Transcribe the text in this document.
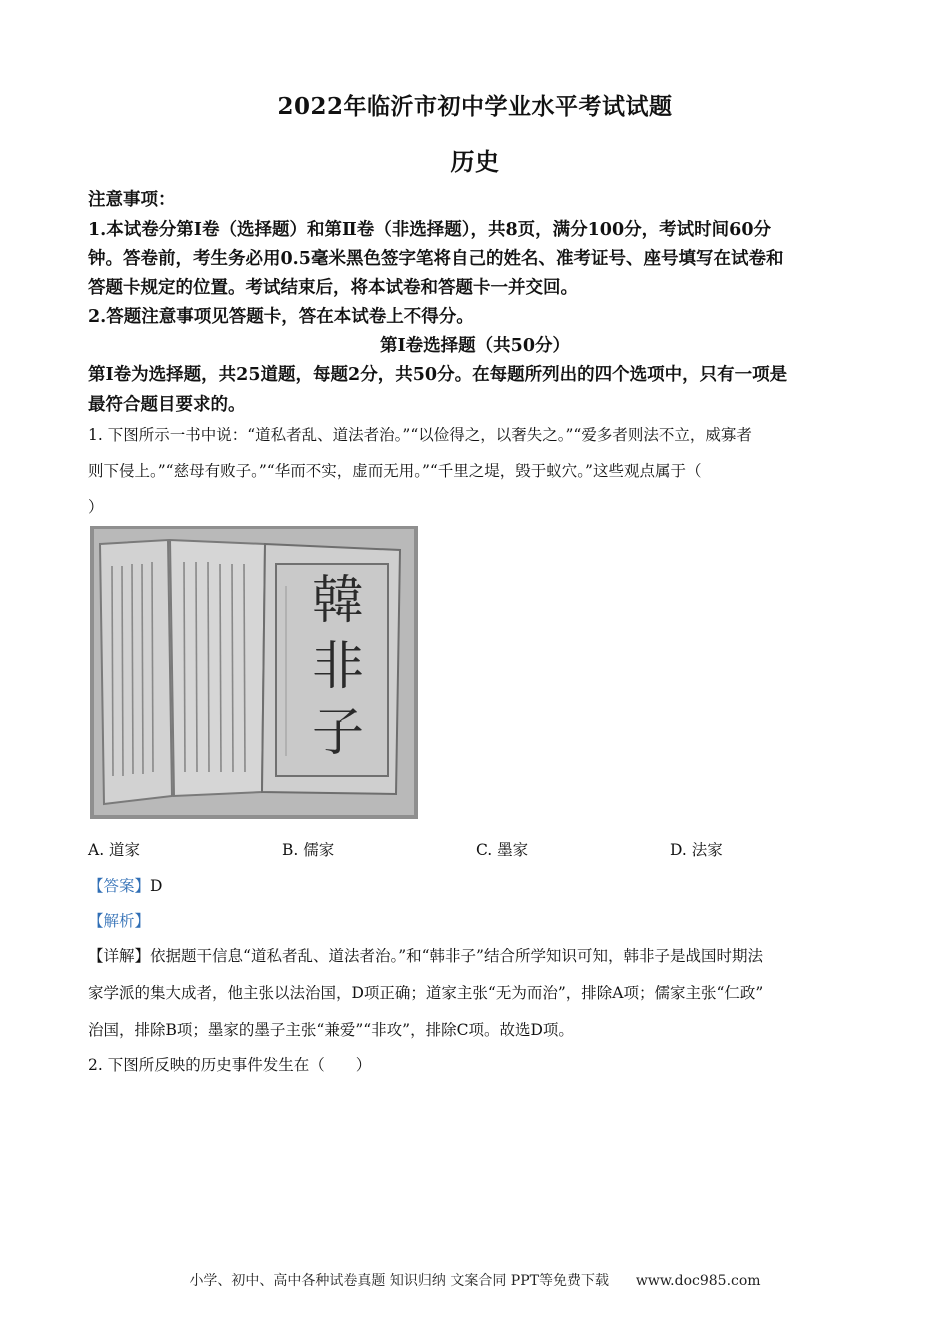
2022年临沂市初中学业水平考试试题
历史
注意事项：
1.本试卷分第Ⅰ卷（选择题）和第Ⅱ卷（非选择题），共8页，满分100分，考试时间60分
钟。答卷前，考生务必用0.5毫米黑色签字笔将自己的姓名、准考证号、座号填写在试卷和
答题卡规定的位置。考试结束后，将本试卷和答题卡一并交回。
2.答题注意事项见答题卡，答在本试卷上不得分。
第Ⅰ卷选择题（共50分）
第Ⅰ卷为选择题，共25道题，每题2分，共50分。在每题所列出的四个选项中，只有一项是
最符合题目要求的。
1. 下图所示一书中说：“道私者乱、道法者治。”“以俭得之，以奢失之。”“爱多者则法不立，威寡者
则下侵上。”“慈母有败子。”“华而不实，虚而无用。”“千里之堤，毁于蚁穴。”这些观点属于（
）
韓
非
子
A. 道家	B. 儒家	C. 墨家	D. 法家
【答案】D
【解析】
【详解】依据题干信息“道私者乱、道法者治。”和“韩非子”结合所学知识可知，韩非子是战国时期法
家学派的集大成者，他主张以法治国，D项正确；道家主张“无为而治”，排除A项；儒家主张“仁政”
治国，排除B项；墨家的墨子主张“兼爱”“非攻”，排除C项。故选D项。
2. 下图所反映的历史事件发生在（　　）
小学、初中、高中各种试卷真题 知识归纳 文案合同 PPT等免费下载 www.doc985.com
